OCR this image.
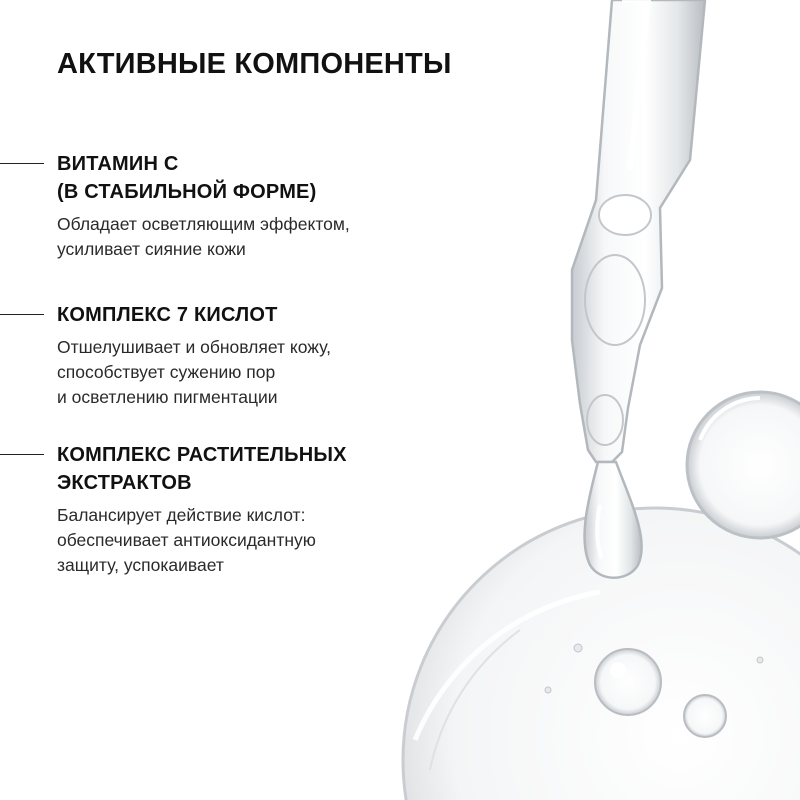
АКТИВНЫЕ КОМПОНЕНТЫ
ВИТАМИН С
(В СТАБИЛЬНОЙ ФОРМЕ)
Обладает осветляющим эффектом,
усиливает сияние кожи
КОМПЛЕКС 7 КИСЛОТ
Отшелушивает и обновляет кожу,
способствует сужению пор
и осветлению пигментации
КОМПЛЕКС РАСТИТЕЛЬНЫХ
ЭКСТРАКТОВ
Балансирует действие кислот:
обеспечивает антиоксидантную
защиту, успокаивает
